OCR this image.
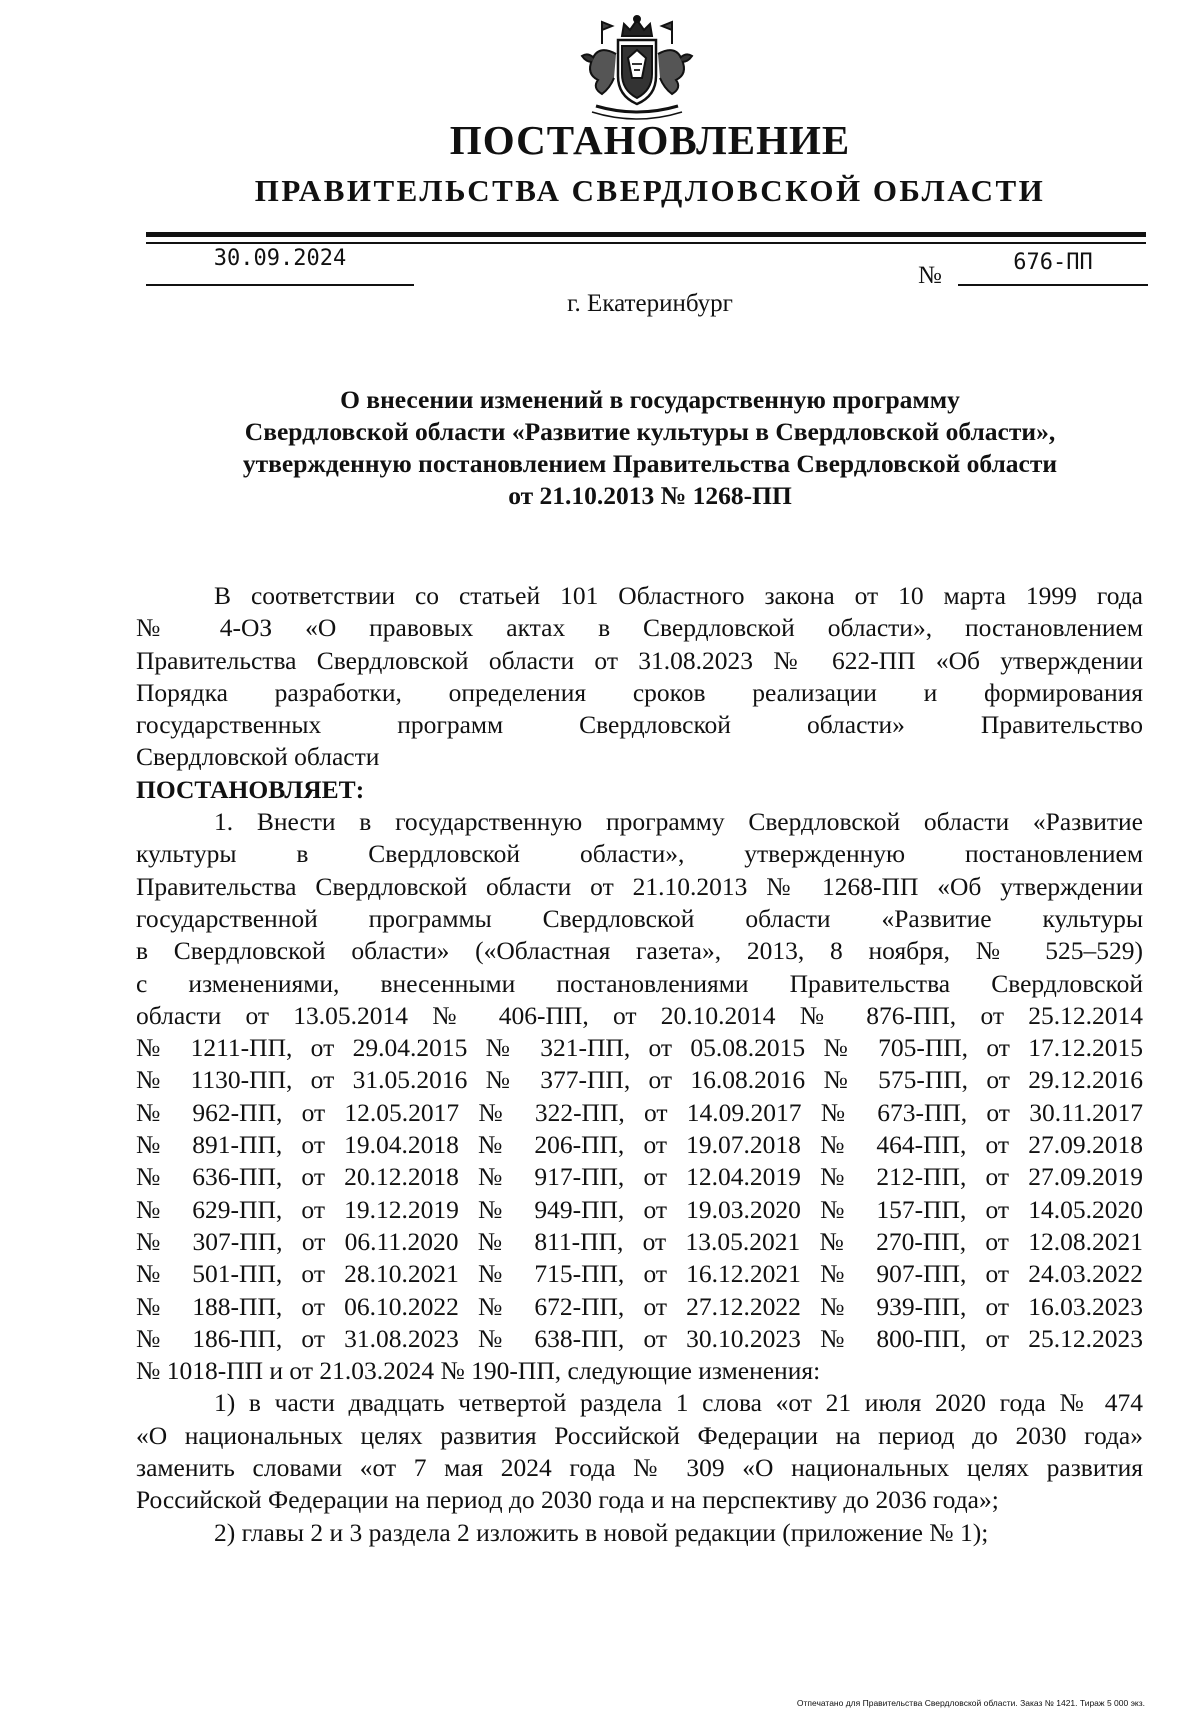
ПОСТАНОВЛЕНИЕ
ПРАВИТЕЛЬСТВА СВЕРДЛОВСКОЙ ОБЛАСТИ
30.09.2024
№	676-ПП
г. Екатеринбург
О внесении изменений в государственную программу
Свердловской области «Развитие культуры в Свердловской области»,
утвержденную постановлением Правительства Свердловской области
от 21.10.2013 № 1268-ПП
В соответствии со статьей 101 Областного закона от 10 марта 1999 года
№ 4-ОЗ «О правовых актах в Свердловской области», постановлением
Правительства Свердловской области от 31.08.2023 № 622-ПП «Об утверждении
Порядка разработки, определения сроков реализации и формирования
государственных программ Свердловской области» Правительство
Свердловской области
ПОСТАНОВЛЯЕТ:
1. Внести в государственную программу Свердловской области «Развитие
культуры в Свердловской области», утвержденную постановлением
Правительства Свердловской области от 21.10.2013 № 1268-ПП «Об утверждении
государственной программы Свердловской области «Развитие культуры
в Свердловской области» («Областная газета», 2013, 8 ноября, № 525–529)
с изменениями, внесенными постановлениями Правительства Свердловской
области от 13.05.2014 № 406-ПП, от 20.10.2014 № 876-ПП, от 25.12.2014
№ 1211-ПП, от 29.04.2015 № 321-ПП, от 05.08.2015 № 705-ПП, от 17.12.2015
№ 1130-ПП, от 31.05.2016 № 377-ПП, от 16.08.2016 № 575-ПП, от 29.12.2016
№ 962-ПП, от 12.05.2017 № 322-ПП, от 14.09.2017 № 673-ПП, от 30.11.2017
№ 891-ПП, от 19.04.2018 № 206-ПП, от 19.07.2018 № 464-ПП, от 27.09.2018
№ 636-ПП, от 20.12.2018 № 917-ПП, от 12.04.2019 № 212-ПП, от 27.09.2019
№ 629-ПП, от 19.12.2019 № 949-ПП, от 19.03.2020 № 157-ПП, от 14.05.2020
№ 307-ПП, от 06.11.2020 № 811-ПП, от 13.05.2021 № 270-ПП, от 12.08.2021
№ 501-ПП, от 28.10.2021 № 715-ПП, от 16.12.2021 № 907-ПП, от 24.03.2022
№ 188-ПП, от 06.10.2022 № 672-ПП, от 27.12.2022 № 939-ПП, от 16.03.2023
№ 186-ПП, от 31.08.2023 № 638-ПП, от 30.10.2023 № 800-ПП, от 25.12.2023
№ 1018-ПП и от 21.03.2024 № 190-ПП, следующие изменения:
1) в части двадцать четвертой раздела 1 слова «от 21 июля 2020 года № 474
«О национальных целях развития Российской Федерации на период до 2030 года»
заменить словами «от 7 мая 2024 года № 309 «О национальных целях развития
Российской Федерации на период до 2030 года и на перспективу до 2036 года»;
2) главы 2 и 3 раздела 2 изложить в новой редакции (приложение № 1);
Отпечатано для Правительства Свердловской области. Заказ № 1421. Тираж 5 000 экз.
